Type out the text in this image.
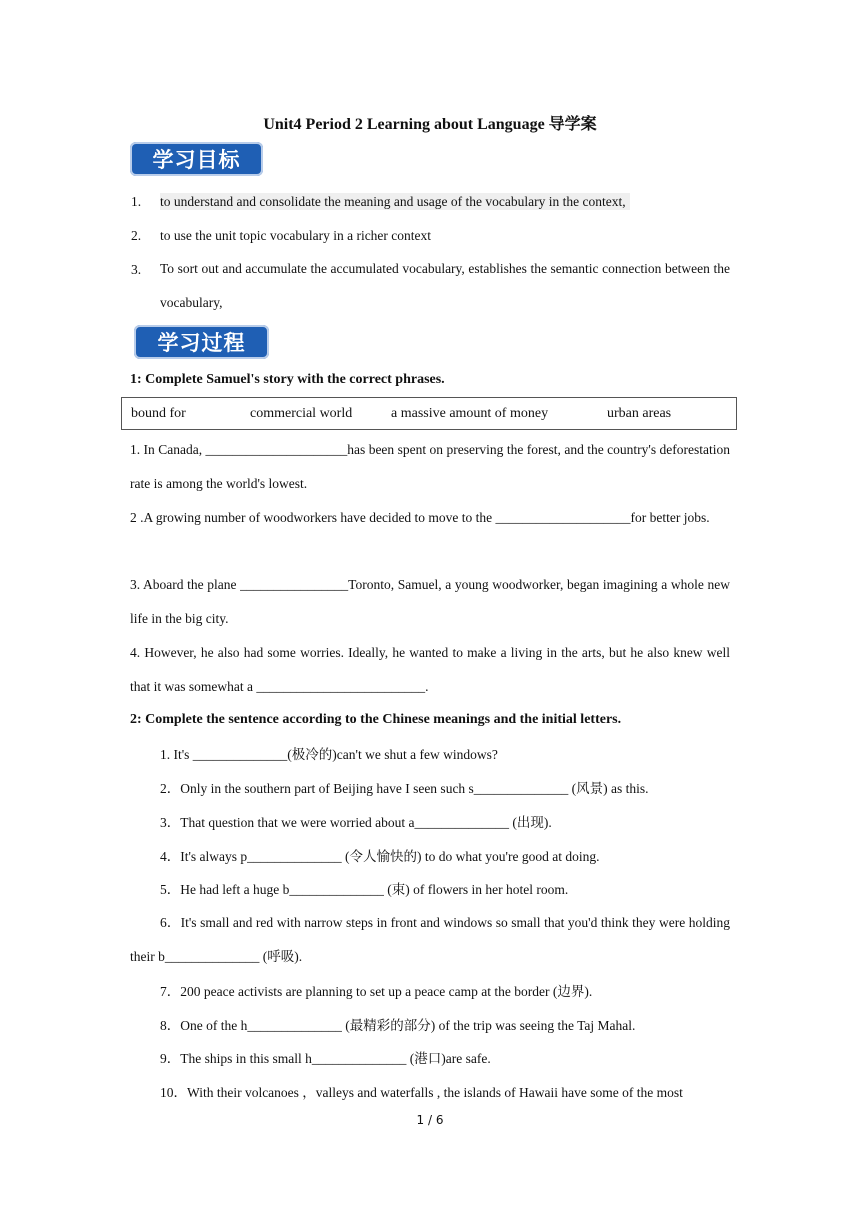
Unit4 Period 2 Learning about Language 导学案
学习目标
1. to understand and consolidate the meaning and usage of the vocabulary in the context,
2. to use the unit topic vocabulary in a richer context
3. To sort out and accumulate the accumulated vocabulary, establishes the semantic connection between the vocabulary,
学习过程
1: Complete Samuel's story with the correct phrases.
bound for	commercial world	a massive amount of money	urban areas
1. In Canada, _____________________has been spent on preserving the forest, and the country's deforestation rate is among the world's lowest.
2 .A growing number of woodworkers have decided to move to the ____________________for better jobs.
3. Aboard the plane ________________Toronto, Samuel, a young woodworker, began imagining a whole new life in the big city.
4. However, he also had some worries. Ideally, he wanted to make a living in the arts, but he also knew well that it was somewhat a _________________________.
2: Complete the sentence according to the Chinese meanings and the initial letters.
1. It's ______________(极冷的)can't we shut a few windows?
2．Only in the southern part of Beijing have I seen such s______________ (风景) as this.
3．That question that we were worried about a______________ (出现).
4．It's always p______________ (令人愉快的) to do what you're good at doing.
5．He had left a huge b______________ (束) of flowers in her hotel room.
6．It's small and red with narrow steps in front and windows so small that you'd think they were holding their b______________ (呼吸).
7．200 peace activists are planning to set up a peace camp at the border (边界).
8．One of the h______________ (最精彩的部分) of the trip was seeing the Taj Mahal.
9．The ships in this small h______________ (港口)are safe.
10．With their volcanoes ，valleys and waterfalls , the islands of Hawaii have some of the most
1 / 6
